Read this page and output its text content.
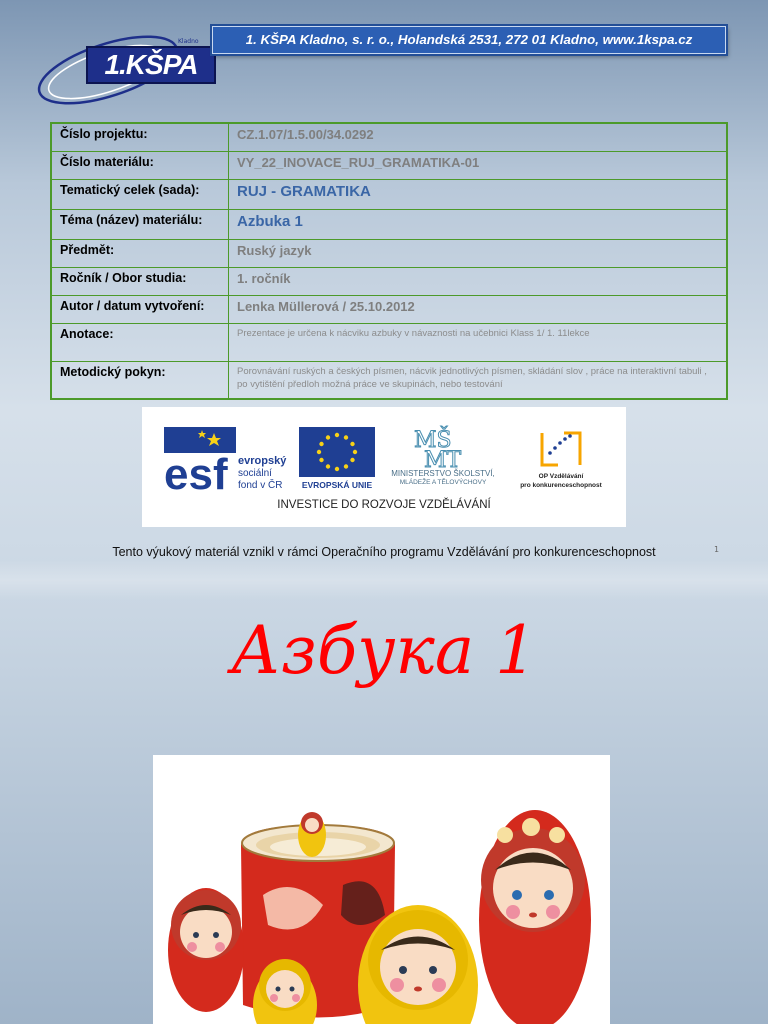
1.KŠPA
Kladno	1. KŠPA Kladno, s. r. o., Holandská 2531, 272 01 Kladno, www.1kspa.cz
Číslo projektu:	CZ.1.07/1.5.00/34.0292
Číslo materiálu:	VY_22_INOVACE_RUJ_GRAMATIKA-01
Tematický celek (sada):	RUJ - GRAMATIKA
Téma (název) materiálu:	Azbuka 1
Předmět:	Ruský jazyk
Ročník / Obor studia:	1. ročník
Autor / datum vytvoření:	Lenka Müllerová / 25.10.2012
Anotace:	Prezentace je určena k nácviku azbuky v návaznosti na učebnici Klass 1/ 1. 11lekce
Metodický pokyn:	Porovnávání ruských a českých písmen, nácvik jednotlivých písmen, skládání slov , práce na interaktivní tabuli , po vytištění předloh možná práce ve skupinách, nebo testování
esf evropský
sociální
fond v ČR	EVROPSKÁ UNIE
MŠ
MT
MINISTERSTVO ŠKOLSTVÍ,
MLÁDEŽE A TĚLOVÝCHOVY
OP Vzdělávání
pro konkurenceschopnost
INVESTICE DO ROZVOJE VZDĚLÁVÁNÍ
Tento výukový materiál vznikl v rámci Operačního programu Vzdělávání pro konkurenceschopnost	1
Азбука 1
